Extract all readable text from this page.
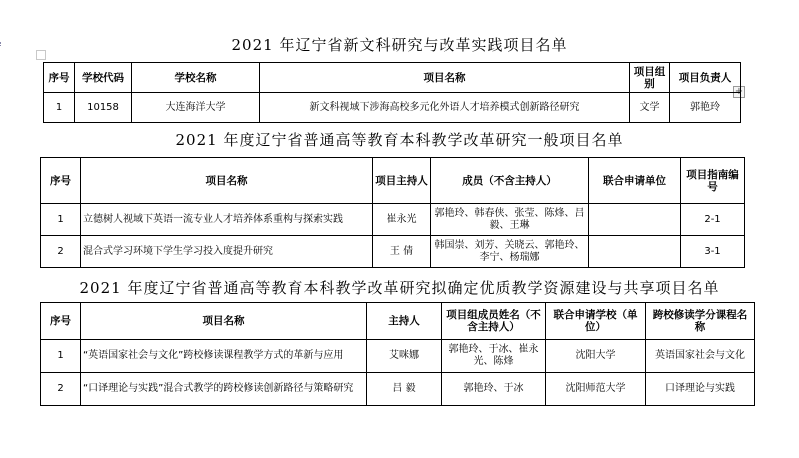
+
2021 年辽宁省新文科研究与改革实践项目名单
序号	学校代码	学校名称	项目名称	项目组别	项目负责人
1	10158	大连海洋大学	新文科视域下涉海高校多元化外语人才培养模式创新路径研究	文学	郭艳玲
2021 年度辽宁省普通高等教育本科教学改革研究一般项目名单
序号	项目名称	项目主持人	成员（不含主持人）	联合申请单位	项目指南编号
1	立德树人视域下英语一流专业人才培养体系重构与探索实践	崔永光	郭艳玲、韩春侠、张莹、陈烽、吕毅、王琳		2-1
2	混合式学习环境下学生学习投入度提升研究	王 倩	韩国崇、刘芳、关晓云、郭艳玲、李宁、杨瑞娜		3-1
2021 年度辽宁省普通高等教育本科教学改革研究拟确定优质教学资源建设与共享项目名单
序号	项目名称	主持人	项目组成员姓名（不含主持人）	联合申请学校（单位）	跨校修读学分课程名称
1	“英语国家社会与文化”跨校修读课程教学方式的革新与应用	艾咪娜	郭艳玲、于冰、崔永光、陈烽	沈阳大学	英语国家社会与文化
2	“口译理论与实践”混合式教学的跨校修读创新路径与策略研究	吕 毅	郭艳玲、于冰	沈阳师范大学	口译理论与实践
